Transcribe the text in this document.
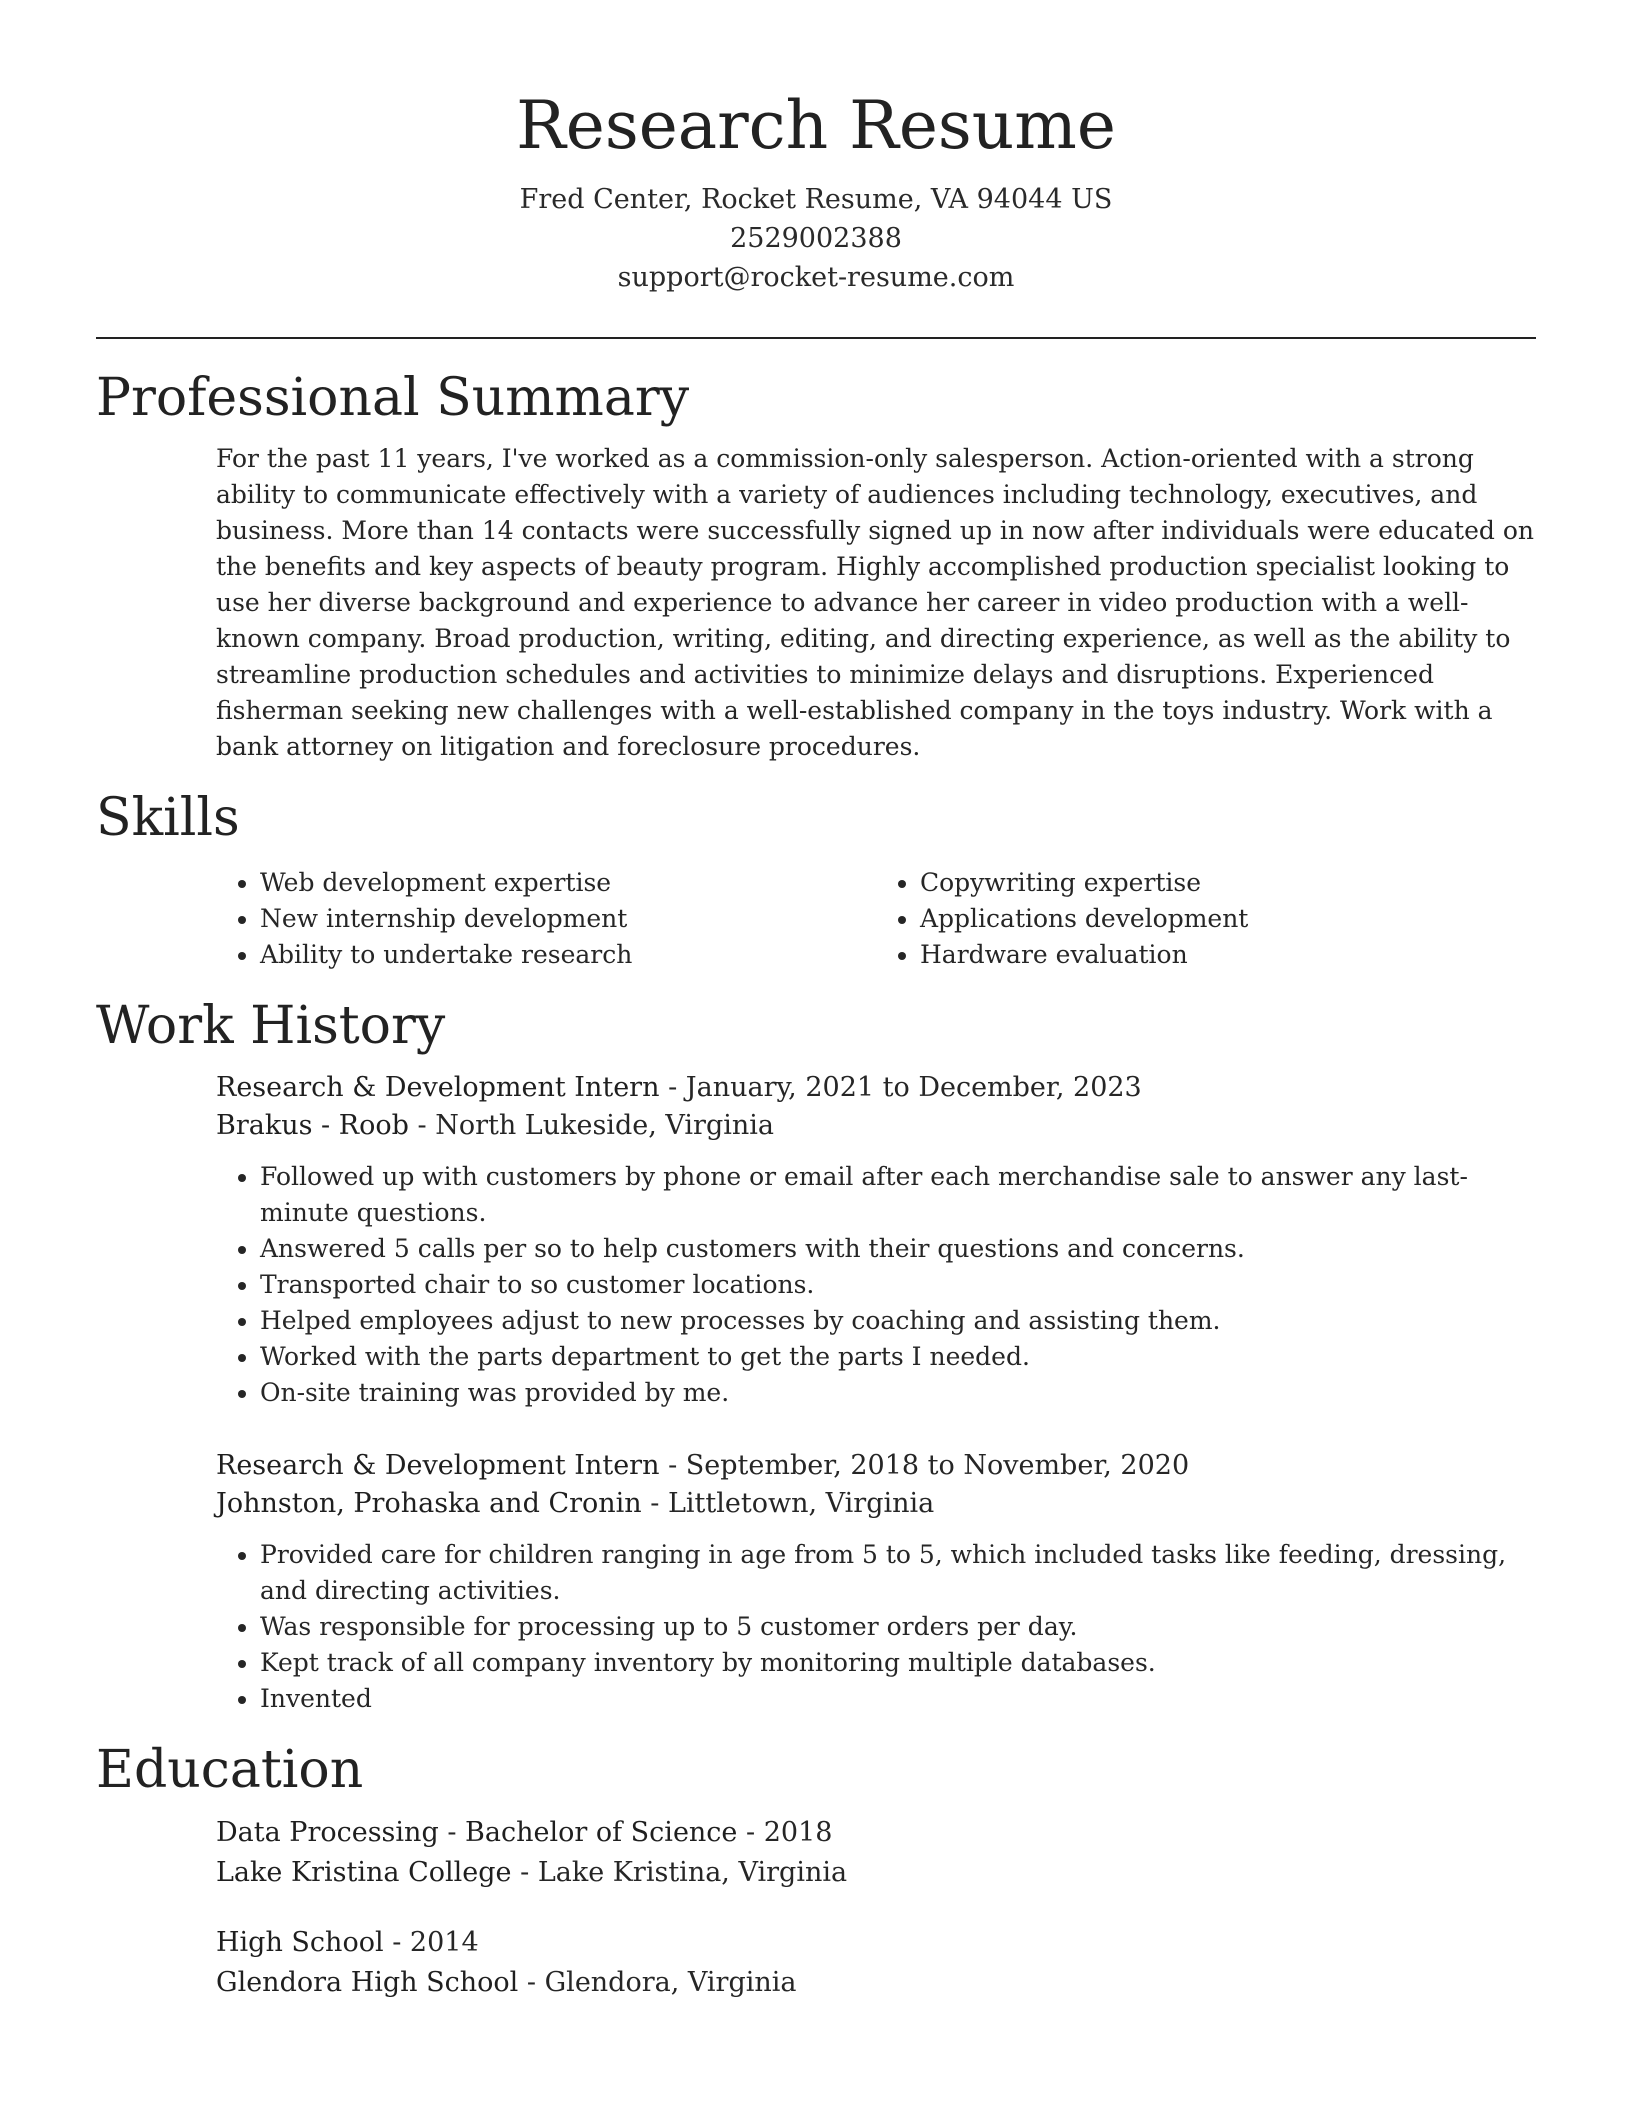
Research Resume
Fred Center, Rocket Resume, VA 94044 US
2529002388
support@rocket-resume.com
Professional Summary

For the past 11 years, I've worked as a commission-only salesperson. Action-oriented with a strong ability to communicate effectively with a variety of audiences including technology, executives, and business. More than 14 contacts were successfully signed up in now after individuals were educated on the benefits and key aspects of beauty program. Highly accomplished production specialist looking to use her diverse background and experience to advance her career in video production with a well-known company. Broad production, writing, editing, and directing experience, as well as the ability to streamline production schedules and activities to minimize delays and disruptions. Experienced fisherman seeking new challenges with a well-established company in the toys industry. Work with a bank attorney on litigation and foreclosure procedures.

Skills
• Web development expertise
• New internship development
• Ability to undertake research
• Copywriting expertise
• Applications development
• Hardware evaluation
Work History
Research & Development Intern - January, 2021 to December, 2023
Brakus - Roob - North Lukeside, Virginia
• Followed up with customers by phone or email after each merchandise sale to answer any last-minute questions.
• Answered 5 calls per so to help customers with their questions and concerns.
• Transported chair to so customer locations.
• Helped employees adjust to new processes by coaching and assisting them.
• Worked with the parts department to get the parts I needed.
• On-site training was provided by me.
Research & Development Intern - September, 2018 to November, 2020
Johnston, Prohaska and Cronin - Littletown, Virginia
• Provided care for children ranging in age from 5 to 5, which included tasks like feeding, dressing, and directing activities.
• Was responsible for processing up to 5 customer orders per day.
• Kept track of all company inventory by monitoring multiple databases.
• Invented
Education
Data Processing - Bachelor of Science - 2018
Lake Kristina College - Lake Kristina, Virginia
High School - 2014
Glendora High School - Glendora, Virginia
